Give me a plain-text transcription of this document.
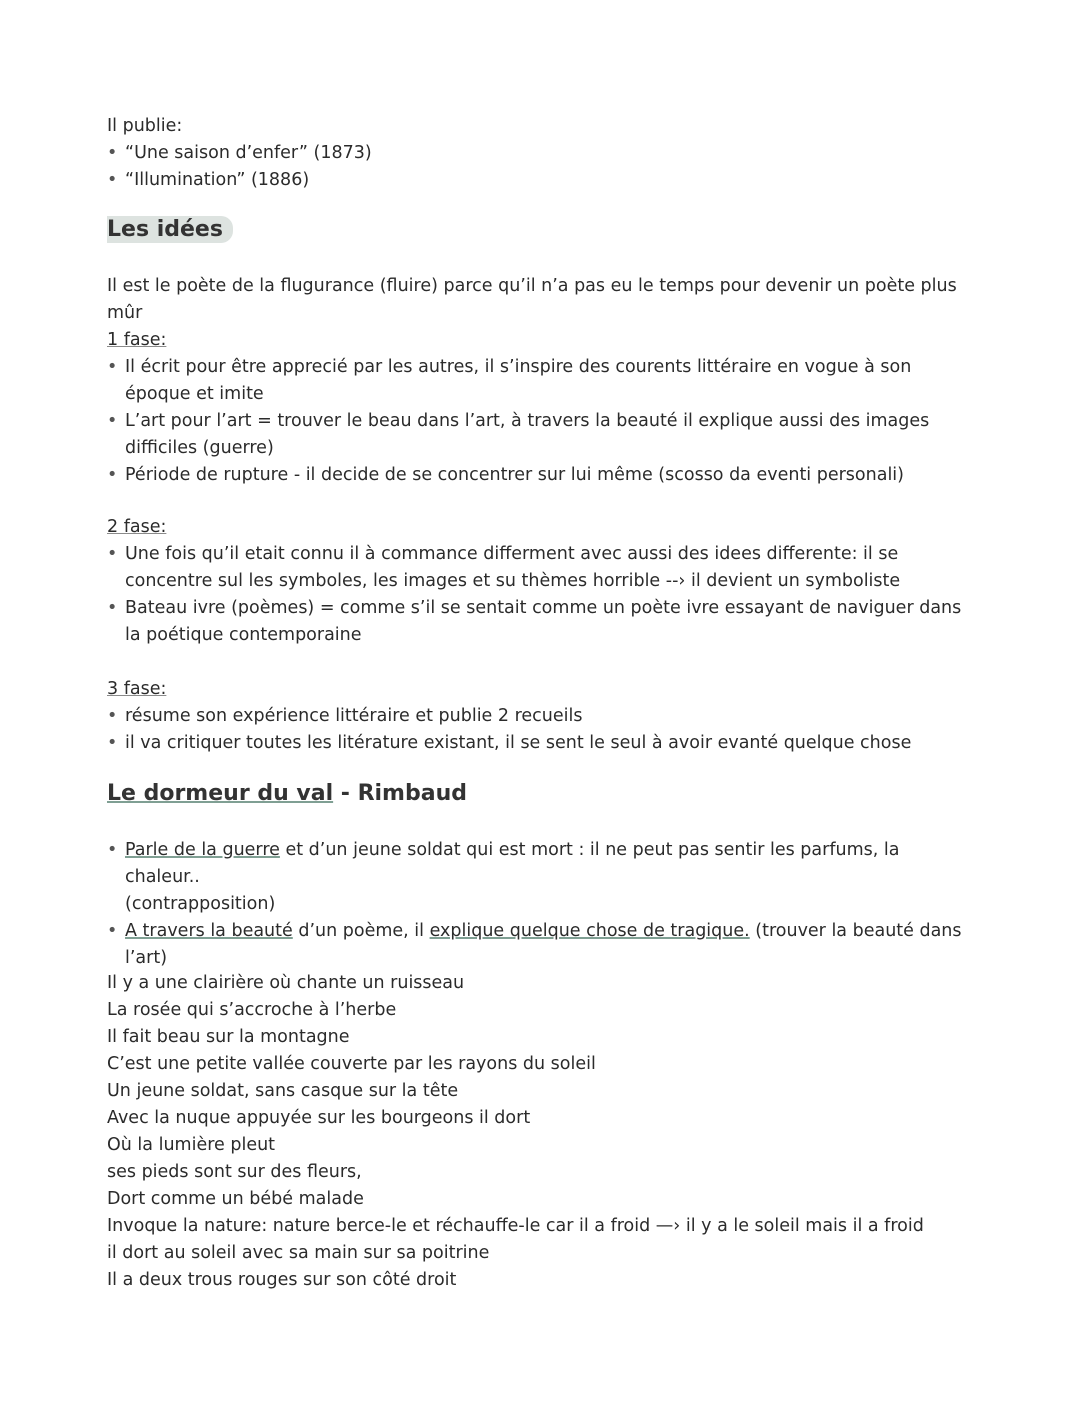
Il publie:

• “Une saison d’enfer” (1873)
• “Illumination” (1886)
Les idées

Il est le poète de la flugurance (fluire) parce qu’il n’a pas eu le temps pour devenir un poète plus

mûr

1 fase:

• Il écrit pour être apprecié par les autres, il s’inspire des courents littéraire en vogue à son époque et imite
• L’art pour l’art = trouver le beau dans l’art, à travers la beauté il explique aussi des images difficiles (guerre)
• Période de rupture - il decide de se concentrer sur lui même (scosso da eventi personali)

2 fase:

• Une fois qu’il etait connu il à commance differment avec aussi des idees differente: il se concentre sul les symboles, les images et su thèmes horrible --› il devient un symboliste
• Bateau ivre (poèmes) = comme s’il se sentait comme un poète ivre essayant de naviguer dans la poétique contemporaine

3 fase:

• résume son expérience littéraire et publie 2 recueils
• il va critiquer toutes les litérature existant, il se sent le seul à avoir evanté quelque chose
Le dormeur du val - Rimbaud
• Parle de la guerre et d’un jeune soldat qui est mort : il ne peut pas sentir les parfums, la chaleur..
(contrapposition)
• A travers la beauté d’un poème, il explique quelque chose de tragique. (trouver la beauté dans
l’art)

Il y a une clairière où chante un ruisseau

La rosée qui s’accroche à l’herbe

Il fait beau sur la montagne

C’est une petite vallée couverte par les rayons du soleil

Un jeune soldat, sans casque sur la tête

Avec la nuque appuyée sur les bourgeons il dort

Où la lumière pleut

ses pieds sont sur des fleurs,

Dort comme un bébé malade

Invoque la nature: nature berce-le et réchauffe-le car il a froid —› il y a le soleil mais il a froid

il dort au soleil avec sa main sur sa poitrine

Il a deux trous rouges sur son côté droit
